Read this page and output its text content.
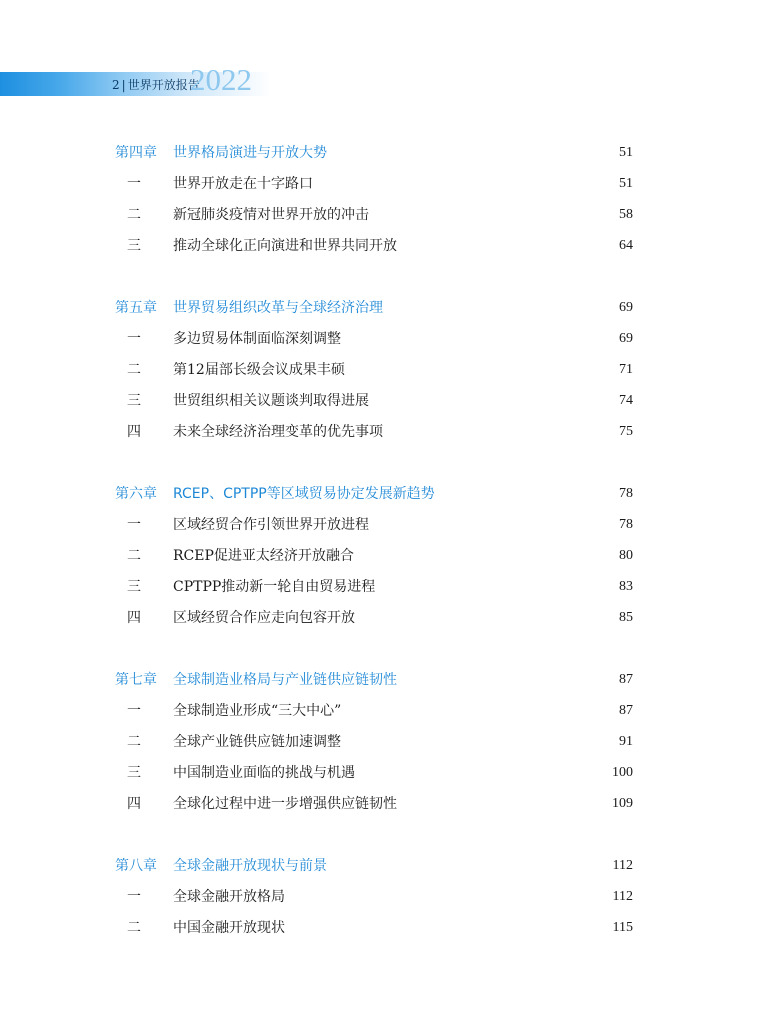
2 | 世界开放报告
2022
第四章	世界格局演进与开放大势	51
一	世界开放走在十字路口	51
二	新冠肺炎疫情对世界开放的冲击	58
三	推动全球化正向演进和世界共同开放	64
第五章	世界贸易组织改革与全球经济治理	69
一	多边贸易体制面临深刻调整	69
二	第12届部长级会议成果丰硕	71
三	世贸组织相关议题谈判取得进展	74
四	未来全球经济治理变革的优先事项	75
第六章	RCEP、CPTPP等区域贸易协定发展新趋势	78
一	区域经贸合作引领世界开放进程	78
二	RCEP促进亚太经济开放融合	80
三	CPTPP推动新一轮自由贸易进程	83
四	区域经贸合作应走向包容开放	85
第七章	全球制造业格局与产业链供应链韧性	87
一	全球制造业形成“三大中心”	87
二	全球产业链供应链加速调整	91
三	中国制造业面临的挑战与机遇	100
四	全球化过程中进一步增强供应链韧性	109
第八章	全球金融开放现状与前景	112
一	全球金融开放格局	112
二	中国金融开放现状	115
